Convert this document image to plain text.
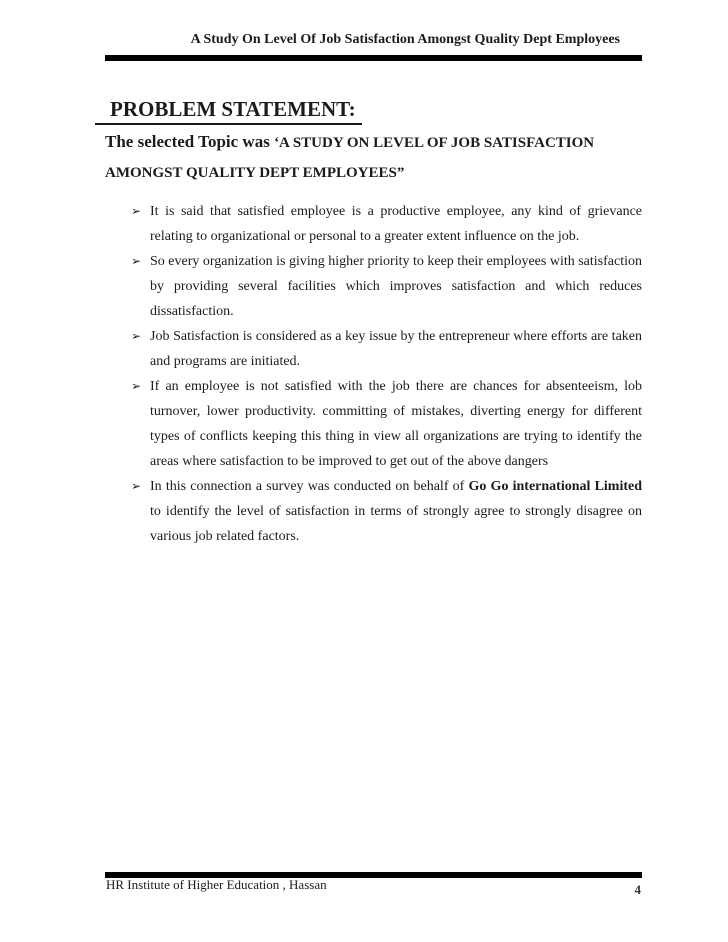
A Study On Level Of Job Satisfaction Amongst Quality Dept Employees
PROBLEM STATEMENT:
The selected Topic was ‘A STUDY ON LEVEL OF JOB SATISFACTION AMONGST QUALITY DEPT EMPLOYEES”
➢ It is said that satisfied employee is a productive employee, any kind of grievance relating to organizational or personal to a greater extent influence on the job.
➢ So every organization is giving higher priority to keep their employees with satisfaction by providing several facilities which improves satisfaction and which reduces dissatisfaction.
➢ Job Satisfaction is considered as a key issue by the entrepreneur where efforts are taken and programs are initiated.
➢ If an employee is not satisfied with the job there are chances for absenteeism, lob turnover, lower productivity. committing of mistakes, diverting energy for different types of conflicts keeping this thing in view all organizations are trying to identify the areas where satisfaction to be improved to get out of the above dangers
➢ In this connection a survey was conducted on behalf of Go Go international Limited to identify the level of satisfaction in terms of strongly agree to strongly disagree on various job related factors.
HR Institute of Higher Education , Hassan	4
